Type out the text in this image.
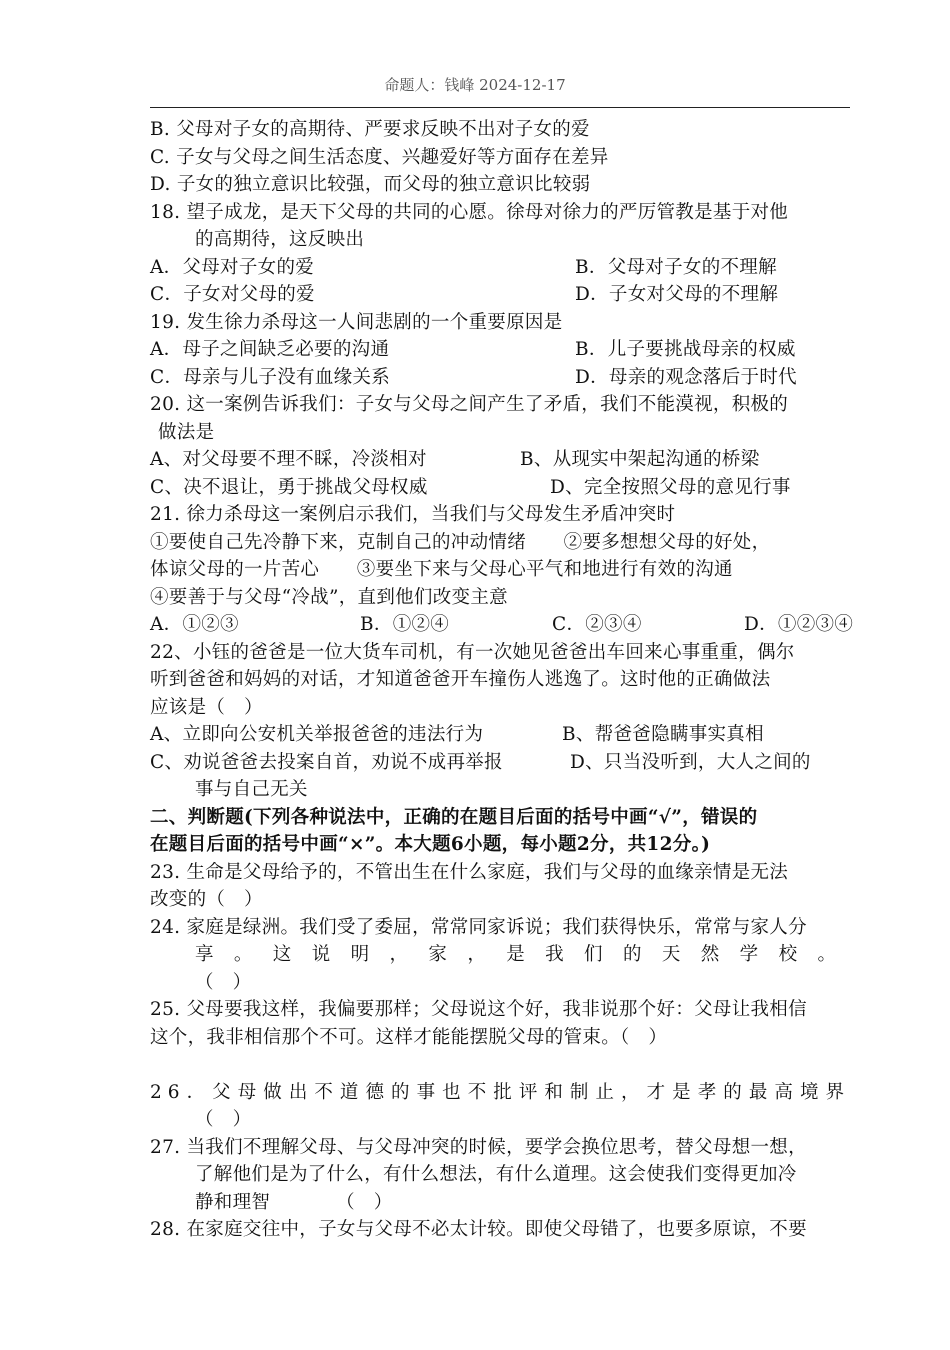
命题人：钱峰 2024-12-17
B. 父母对子女的高期待、严要求反映不出对子女的爱
C. 子女与父母之间生活态度、兴趣爱好等方面存在差异
D. 子女的独立意识比较强，而父母的独立意识比较弱
18. 望子成龙，是天下父母的共同的心愿。徐母对徐力的严厉管教是基于对他
的高期待，这反映出
A．父母对子女的爱	B．父母对子女的不理解
C．子女对父母的爱	D．子女对父母的不理解
19. 发生徐力杀母这一人间悲剧的一个重要原因是
A．母子之间缺乏必要的沟通	B．儿子要挑战母亲的权威
C．母亲与儿子没有血缘关系	D．母亲的观念落后于时代
20. 这一案例告诉我们：子女与父母之间产生了矛盾，我们不能漠视，积极的
做法是
A、对父母要不理不睬，冷淡相对	B、从现实中架起沟通的桥梁
C、决不退让，勇于挑战父母权威	D、完全按照父母的意见行事
21. 徐力杀母这一案例启示我们，当我们与父母发生矛盾冲突时
①要使自己先冷静下来，克制自己的冲动情绪　　②要多想想父母的好处，
体谅父母的一片苦心　　③要坐下来与父母心平气和地进行有效的沟通
④要善于与父母“冷战”，直到他们改变主意
A．①②③	B．①②④	C．②③④	D．①②③④
22、小钰的爸爸是一位大货车司机，有一次她见爸爸出车回来心事重重，偶尔
听到爸爸和妈妈的对话，才知道爸爸开车撞伤人逃逸了。这时他的正确做法
应该是（　）
A、立即向公安机关举报爸爸的违法行为	B、帮爸爸隐瞒事实真相
C、劝说爸爸去投案自首，劝说不成再举报	D、只当没听到，大人之间的
事与自己无关
二、判断题(下列各种说法中，正确的在题目后面的括号中画“√”，错误的
在题目后面的括号中画“×”。本大题6小题，每小题2分，共12分。)
23. 生命是父母给予的，不管出生在什么家庭，我们与父母的血缘亲情是无法
改变的（　）
24. 家庭是绿洲。我们受了委屈，常常同家诉说；我们获得快乐，常常与家人分
享。这说明，家，是我们的天然学校。
（　）
25. 父母要我这样，我偏要那样；父母说这个好，我非说那个好：父母让我相信
这个，我非相信那个不可。这样才能能摆脱父母的管束。（　）
26．父母做出不道德的事也不批评和制止，才是孝的最高境界
（　）
27. 当我们不理解父母、与父母冲突的时候，要学会换位思考，替父母想一想，
了解他们是为了什么，有什么想法，有什么道理。这会使我们变得更加冷
静和理智　　　　（　）
28. 在家庭交往中，子女与父母不必太计较。即使父母错了，也要多原谅，不要
